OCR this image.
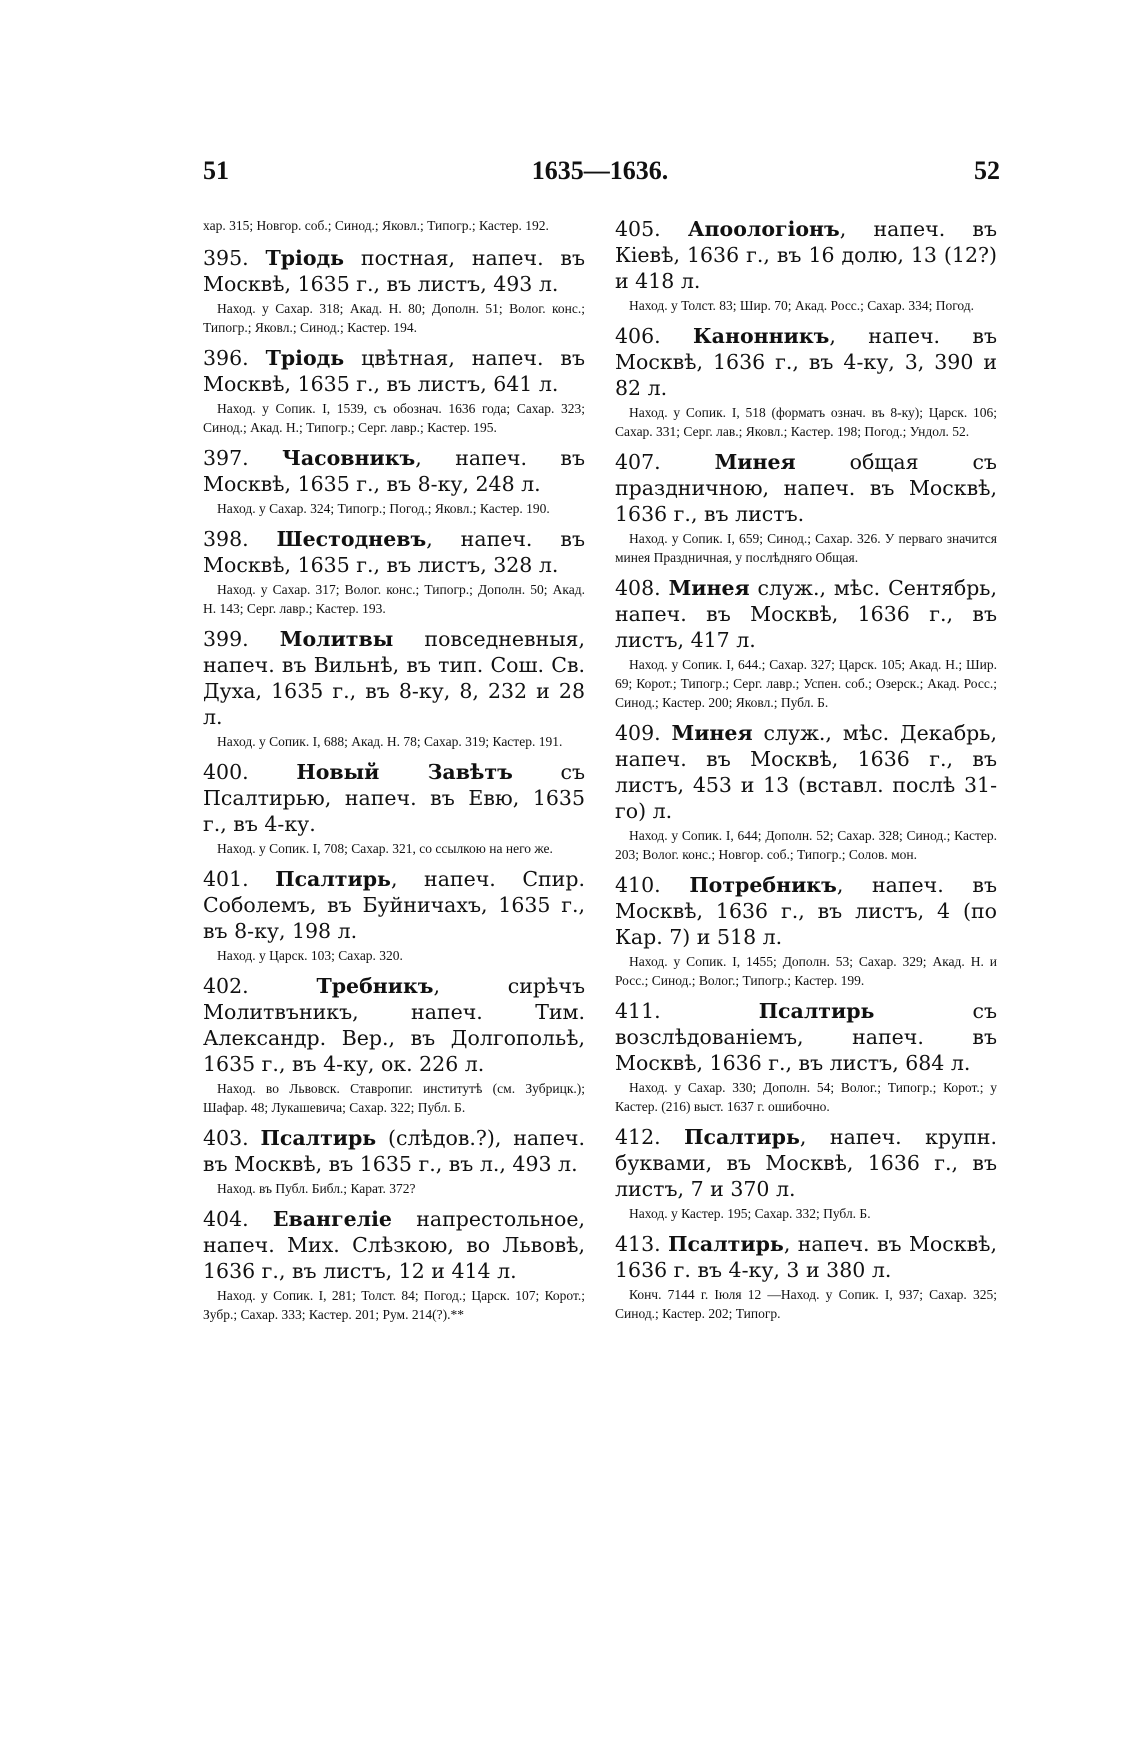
51	1635—1636.	52

хар. 315; Новгор. соб.; Синод.; Яковл.; Типогр.; Кастер. 192.

395. Тріодь постная, напеч. въ Москвѣ, 1635 г., въ листъ, 493 л.

Наход. у Сахар. 318; Акад. Н. 80; Дополн. 51; Волог. конс.; Типогр.; Яковл.; Синод.; Кастер. 194.

396. Тріодь цвѣтная, напеч. въ Москвѣ, 1635 г., въ листъ, 641 л.

Наход. у Сопик. I, 1539, съ обознач. 1636 года; Сахар. 323; Синод.; Акад. Н.; Типогр.; Серг. лавр.; Кастер. 195.

397. Часовникъ, напеч. въ Москвѣ, 1635 г., въ 8-ку, 248 л.

Наход. у Сахар. 324; Типогр.; Погод.; Яковл.; Кастер. 190.

398. Шестодневъ, напеч. въ Москвѣ, 1635 г., въ листъ, 328 л.

Наход. у Сахар. 317; Волог. конс.; Типогр.; Дополн. 50; Акад. Н. 143; Серг. лавр.; Кастер. 193.

399. Молитвы повседневныя, напеч. въ Вильнѣ, въ тип. Сош. Св. Духа, 1635 г., въ 8-ку, 8, 232 и 28 л.

Наход. у Сопик. I, 688; Акад. Н. 78; Сахар. 319; Кастер. 191.

400. Новый Завѣтъ съ Псалтирью, напеч. въ Евю, 1635 г., въ 4-ку.

Наход. у Сопик. I, 708; Сахар. 321, со ссылкою на него же.

401. Псалтирь, напеч. Спир. Соболемъ, въ Буйничахъ, 1635 г., въ 8-ку, 198 л.

Наход. у Царск. 103; Сахар. 320.

402.	Требникъ, сирѣчъ Молитвъникъ, напеч. Тим. Александр. Вер., въ Долгопольѣ, 1635 г., въ 4-ку, ок. 226 л.

Наход. во Львовск. Ставропиг. институтѣ (см. Зубрицк.); Шафар. 48; Лукашевича; Сахар. 322; Публ. Б.

403. Псалтирь (слѣдов.?), напеч. въ Москвѣ, въ 1635 г., въ л., 493 л.

Наход. въ Публ. Библ.; Карат. 372?

404. Евангеліе напрестольное, напеч. Мих. Слѣзкою, во Львовѣ, 1636 г., въ листъ, 12 и 414 л.

Наход. у Сопик. I, 281; Толст. 84; Погод.; Царск. 107; Корот.; Зубр.; Сахар. 333; Кастер. 201; Рум. 214(?).**

405. Апоологіонъ, напеч. въ Кіевѣ, 1636 г., въ 16 долю, 13 (12?) и 418 л.

Наход. у Толст. 83; Шир. 70; Акад. Росс.; Сахар. 334; Погод.

406. Канонникъ, напеч. въ Москвѣ, 1636 г., въ 4-ку, 3, 390 и 82 л.

Наход. у Сопик. I, 518 (форматъ означ. въ 8-ку); Царск. 106; Сахар. 331; Серг. лав.; Яковл.; Кастер. 198; Погод.; Ундол. 52.

407.	Минея общая съ праздничною, напеч. въ Москвѣ, 1636 г., въ листъ.

Наход. у Сопик. I, 659; Синод.; Сахар. 326. У перваго значится минея Праздничная, у послѣдняго Общая.

408. Минея служ., мѣс. Сентябрь, напеч. въ Москвѣ, 1636 г., въ листъ, 417 л.

Наход. у Сопик. I, 644.; Сахар. 327; Царск. 105; Акад. Н.; Шир. 69; Корот.; Типогр.; Серг. лавр.; Успен. соб.; Озерск.; Акад. Росс.; Синод.; Кастер. 200; Яковл.; Публ. Б.

409. Минея служ., мѣс. Декабрь, напеч. въ Москвѣ, 1636 г., въ листъ, 453 и 13 (вставл. послѣ 31-го) л.

Наход. у Сопик. I, 644; Дополн. 52; Сахар. 328; Синод.; Кастер. 203; Волог. конс.; Новгор. соб.; Типогр.; Солов. мон.

410. Потребникъ, напеч. въ Москвѣ, 1636 г., въ листъ, 4 (по Кар. 7) и 518 л.

Наход. у Сопик. I, 1455; Дополн. 53; Сахар. 329; Акад. Н. и Росс.; Синод.; Волог.; Типогр.; Кастер. 199.

411.	Псалтирь съ возслѣдованіемъ, напеч. въ Москвѣ, 1636 г., въ листъ, 684 л.

Наход. у Сахар. 330; Дополн. 54; Волог.; Типогр.; Корот.; у Кастер. (216) выст. 1637 г. ошибочно.

412. Псалтирь, напеч. крупн. буквами, въ Москвѣ, 1636 г., въ листъ, 7 и 370 л.

Наход. у Кастер. 195; Сахар. 332; Публ. Б.

413. Псалтирь, напеч. въ Москвѣ, 1636 г. въ 4-ку, 3 и 380 л.

Конч. 7144 г. Іюля 12 —Наход. у Сопик. I, 937; Сахар. 325; Синод.; Кастер. 202; Типогр.
